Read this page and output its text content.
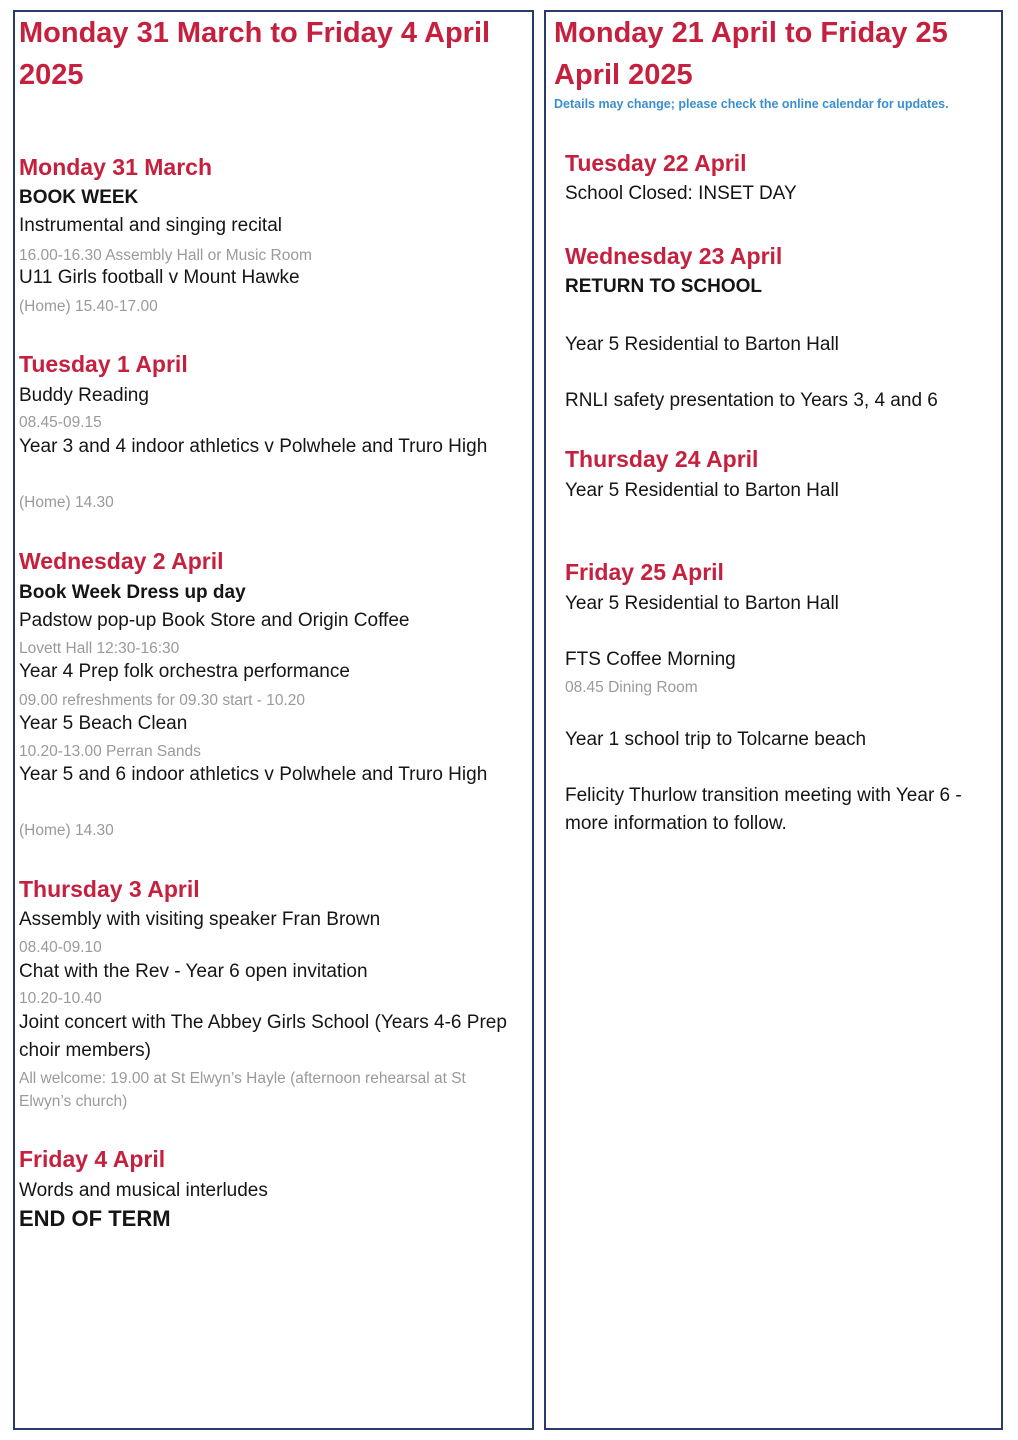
Monday 31 March to Friday 4 April 2025
Monday 31 March
BOOK WEEK
Instrumental and singing recital
16.00-16.30 Assembly Hall or Music Room
U11 Girls football v Mount Hawke
(Home) 15.40-17.00
Tuesday 1 April
Buddy Reading
08.45-09.15
Year 3 and 4 indoor athletics v Polwhele and Truro High
(Home) 14.30
Wednesday 2 April
Book Week Dress up day
Padstow pop-up Book Store and Origin Coffee
Lovett Hall 12:30-16:30
Year 4 Prep folk orchestra performance
09.00 refreshments for 09.30 start - 10.20
Year 5 Beach Clean
10.20-13.00 Perran Sands
Year 5 and 6 indoor athletics v Polwhele and Truro High
(Home) 14.30
Thursday 3 April
Assembly with visiting speaker Fran Brown
08.40-09.10
Chat with the Rev - Year 6 open invitation
10.20-10.40
Joint concert with The Abbey Girls School (Years 4-6 Prep choir members)
All welcome: 19.00 at St Elwyn’s Hayle (afternoon rehearsal at St Elwyn’s church)
Friday 4 April
Words and musical interludes
END OF TERM
Monday 21 April to Friday 25 April 2025
Details may change; please check the online calendar for updates.
Tuesday 22 April
School Closed: INSET DAY
Wednesday 23 April
RETURN TO SCHOOL
Year 5 Residential to Barton Hall
RNLI safety presentation to Years 3, 4 and 6
Thursday 24 April
Year 5 Residential to Barton Hall
Friday 25 April
Year 5 Residential to Barton Hall
FTS Coffee Morning
08.45 Dining Room
Year 1 school trip to Tolcarne beach
Felicity Thurlow transition meeting with Year 6 - more information to follow.
